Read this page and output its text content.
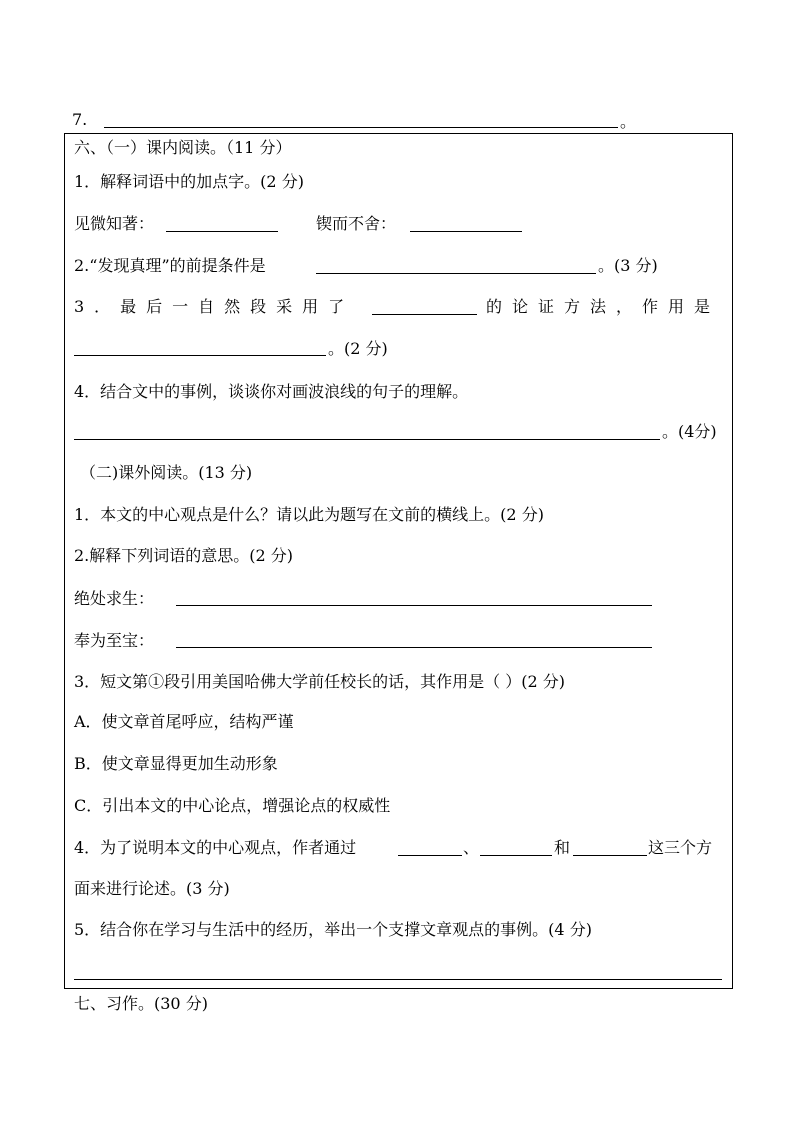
7.	。
六、（一）课内阅读。（11 分）
1．解释词语中的加点字。(2 分)
见微知著：	锲而不舍：
2.“发现真理”的前提条件是	。(3 分)
3．最后一自然段采用了	的论证方法，作用是
。(2 分)
4．结合文中的事例，谈谈你对画波浪线的句子的理解。
。(4分)
（二)课外阅读。(13 分)
1．本文的中心观点是什么？请以此为题写在文前的横线上。(2 分)
2.解释下列词语的意思。(2 分)
绝处求生：
奉为至宝：
3．短文第①段引用美国哈佛大学前任校长的话，其作用是（ ）(2 分)
A．使文章首尾呼应，结构严谨
B．使文章显得更加生动形象
C．引出本文的中心论点，增强论点的权威性
4．为了说明本文的中心观点，作者通过	、	和	这三个方
面来进行论述。(3 分)
5．结合你在学习与生活中的经历，举出一个支撑文章观点的事例。(4 分)
七、习作。(30 分)
